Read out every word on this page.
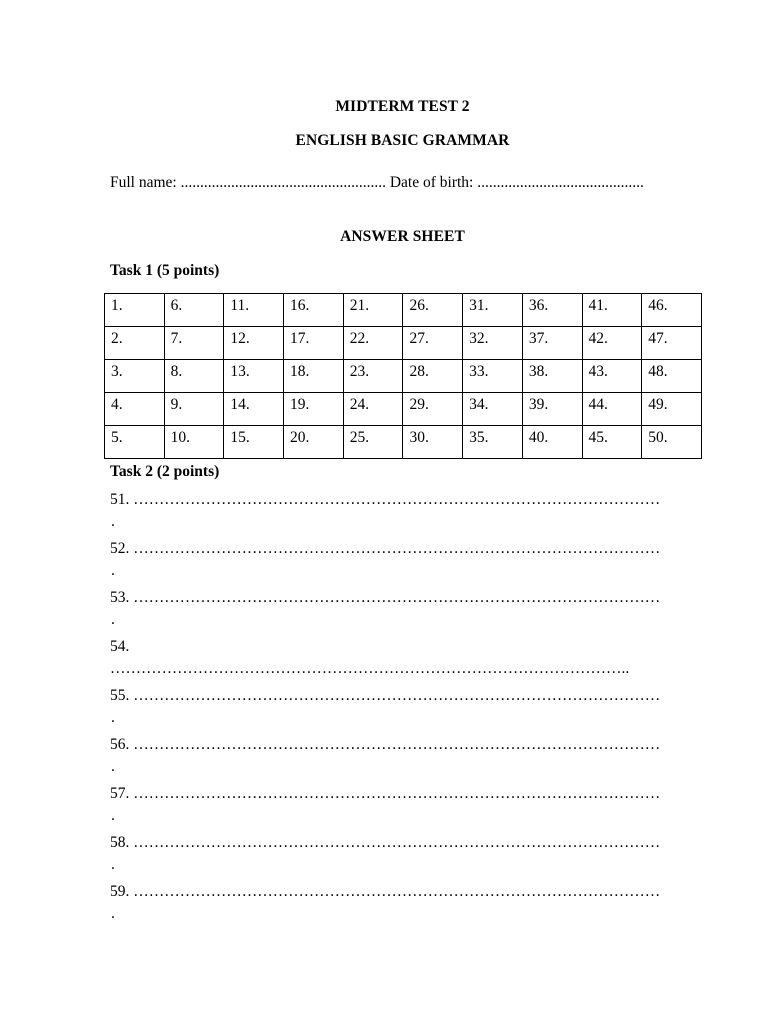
MIDTERM TEST 2
ENGLISH BASIC GRAMMAR
Full name: ..................................................... Date of birth: ...........................................
ANSWER SHEET
Task 1 (5 points)
1.	6.	11.	16.	21.	26.	31.	36.	41.	46.
2.	7.	12.	17.	22.	27.	32.	37.	42.	47.
3.	8.	13.	18.	23.	28.	33.	38.	43.	48.
4.	9.	14.	19.	24.	29.	34.	39.	44.	49.
5.	10.	15.	20.	25.	30.	35.	40.	45.	50.
Task 2 (2 points)
51. …………………………………………………………………………………………
.
52. …………………………………………………………………………………………
.
53. …………………………………………………………………………………………
.
54.
………………………………………………………………………………………..
55. …………………………………………………………………………………………
.
56. …………………………………………………………………………………………
.
57. …………………………………………………………………………………………
.
58. …………………………………………………………………………………………
.
59. …………………………………………………………………………………………
.
